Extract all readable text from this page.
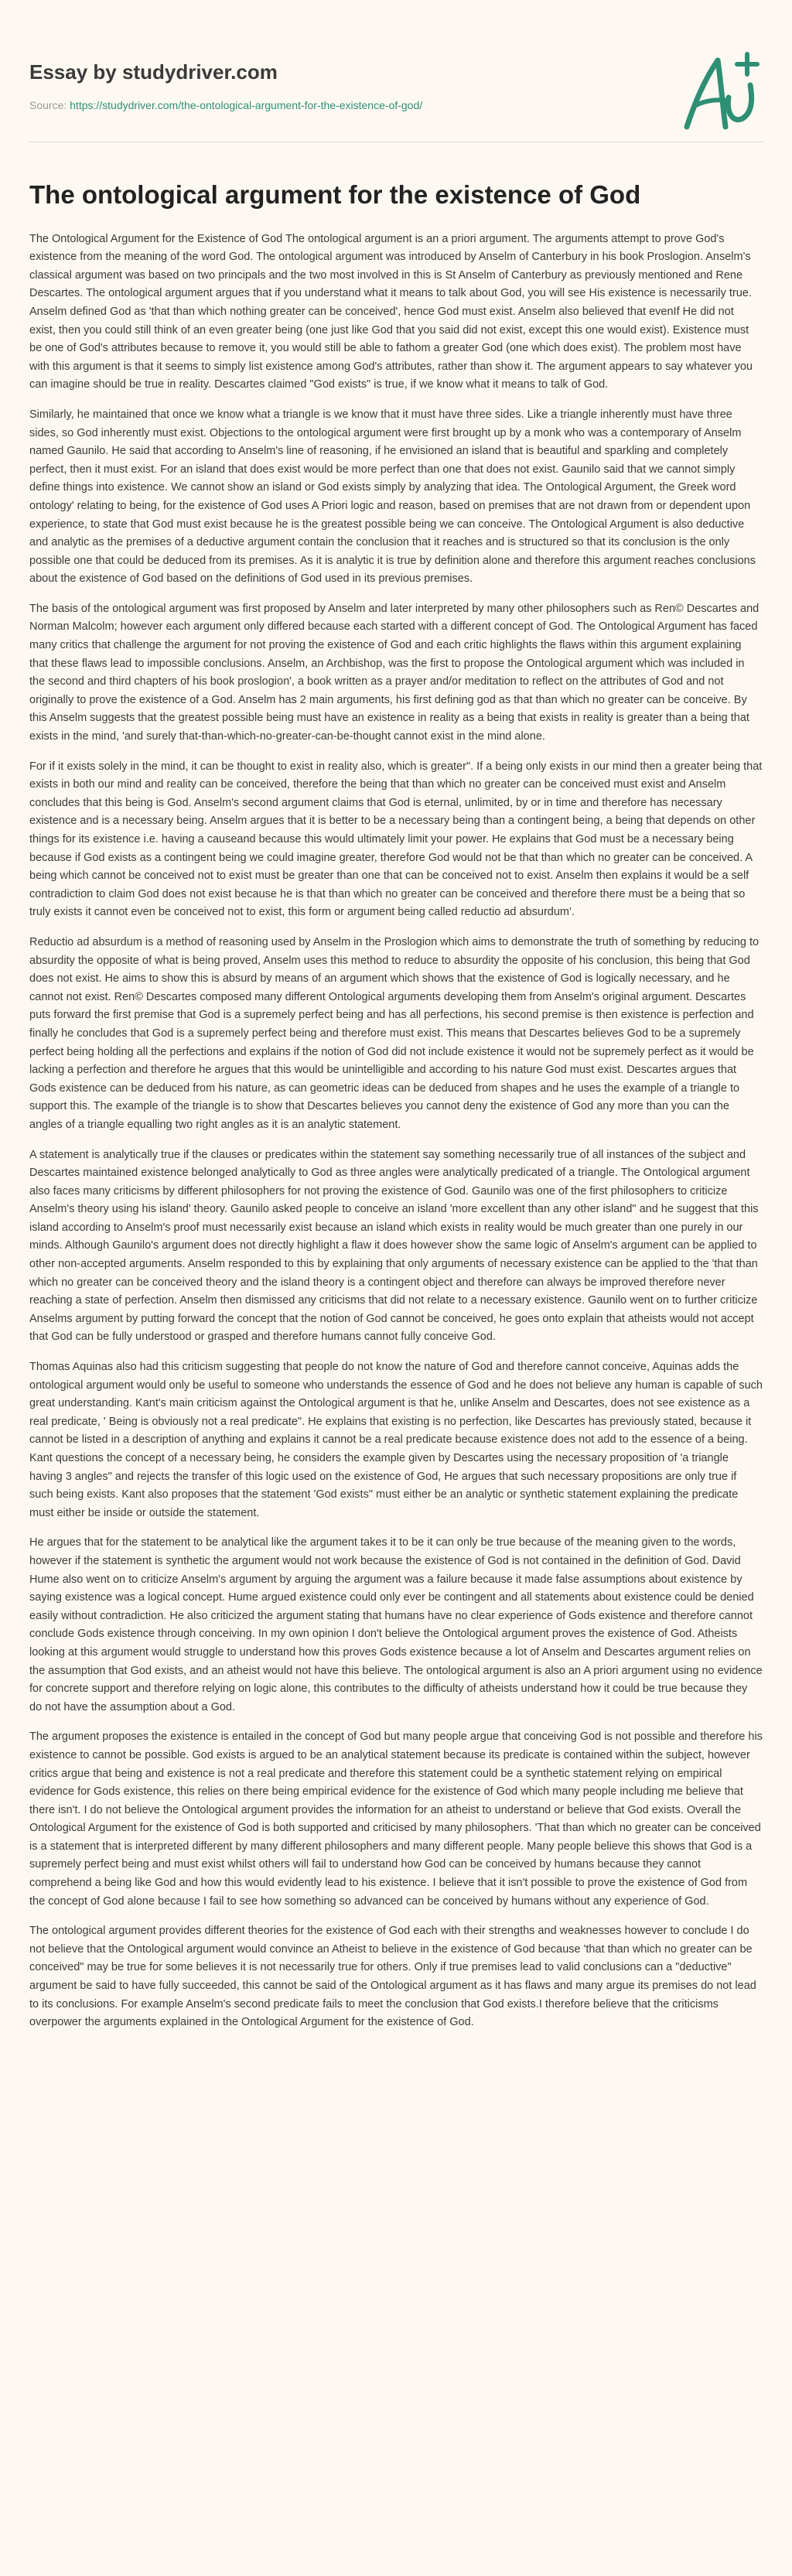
Essay by studydriver.com
Source: https://studydriver.com/the-ontological-argument-for-the-existence-of-god/
The ontological argument for the existence of God

The Ontological Argument for the Existence of God The ontological argument is an a priori argument. The arguments attempt to prove God's existence from the meaning of the word God. The ontological argument was introduced by Anselm of Canterbury in his book Proslogion. Anselm's classical argument was based on two principals and the two most involved in this is St Anselm of Canterbury as previously mentioned and Rene Descartes. The ontological argument argues that if you understand what it means to talk about God, you will see His existence is necessarily true. Anselm defined God as 'that than which nothing greater can be conceived', hence God must exist. Anselm also believed that evenIf He did not exist, then you could still think of an even greater being (one just like God that you said did not exist, except this one would exist). Existence must be one of God's attributes because to remove it, you would still be able to fathom a greater God (one which does exist). The problem most have with this argument is that it seems to simply list existence among God's attributes, rather than show it. The argument appears to say whatever you can imagine should be true in reality. Descartes claimed "God exists" is true, if we know what it means to talk of God.

Similarly, he maintained that once we know what a triangle is we know that it must have three sides. Like a triangle inherently must have three sides, so God inherently must exist. Objections to the ontological argument were first brought up by a monk who was a contemporary of Anselm named Gaunilo. He said that according to Anselm's line of reasoning, if he envisioned an island that is beautiful and sparkling and completely perfect, then it must exist. For an island that does exist would be more perfect than one that does not exist. Gaunilo said that we cannot simply define things into existence. We cannot show an island or God exists simply by analyzing that idea. The Ontological Argument, the Greek word ontology' relating to being, for the existence of God uses A Priori logic and reason, based on premises that are not drawn from or dependent upon experience, to state that God must exist because he is the greatest possible being we can conceive. The Ontological Argument is also deductive and analytic as the premises of a deductive argument contain the conclusion that it reaches and is structured so that its conclusion is the only possible one that could be deduced from its premises. As it is analytic it is true by definition alone and therefore this argument reaches conclusions about the existence of God based on the definitions of God used in its previous premises.

The basis of the ontological argument was first proposed by Anselm and later interpreted by many other philosophers such as Ren© Descartes and Norman Malcolm; however each argument only differed because each started with a different concept of God. The Ontological Argument has faced many critics that challenge the argument for not proving the existence of God and each critic highlights the flaws within this argument explaining that these flaws lead to impossible conclusions. Anselm, an Archbishop, was the first to propose the Ontological argument which was included in the second and third chapters of his book proslogion', a book written as a prayer and/or meditation to reflect on the attributes of God and not originally to prove the existence of a God. Anselm has 2 main arguments, his first defining god as that than which no greater can be conceive. By this Anselm suggests that the greatest possible being must have an existence in reality as a being that exists in reality is greater than a being that exists in the mind, 'and surely that-than-which-no-greater-can-be-thought cannot exist in the mind alone.

For if it exists solely in the mind, it can be thought to exist in reality also, which is greater". If a being only exists in our mind then a greater being that exists in both our mind and reality can be conceived, therefore the being that than which no greater can be conceived must exist and Anselm concludes that this being is God. Anselm's second argument claims that God is eternal, unlimited, by or in time and therefore has necessary existence and is a necessary being. Anselm argues that it is better to be a necessary being than a contingent being, a being that depends on other things for its existence i.e. having a causeand because this would ultimately limit your power. He explains that God must be a necessary being because if God exists as a contingent being we could imagine greater, therefore God would not be that than which no greater can be conceived. A being which cannot be conceived not to exist must be greater than one that can be conceived not to exist. Anselm then explains it would be a self contradiction to claim God does not exist because he is that than which no greater can be conceived and therefore there must be a being that so truly exists it cannot even be conceived not to exist, this form or argument being called reductio ad absurdum'.

Reductio ad absurdum is a method of reasoning used by Anselm in the Proslogion which aims to demonstrate the truth of something by reducing to absurdity the opposite of what is being proved, Anselm uses this method to reduce to absurdity the opposite of his conclusion, this being that God does not exist. He aims to show this is absurd by means of an argument which shows that the existence of God is logically necessary, and he cannot not exist. Ren© Descartes composed many different Ontological arguments developing them from Anselm's original argument. Descartes puts forward the first premise that God is a supremely perfect being and has all perfections, his second premise is then existence is perfection and finally he concludes that God is a supremely perfect being and therefore must exist. This means that Descartes believes God to be a supremely perfect being holding all the perfections and explains if the notion of God did not include existence it would not be supremely perfect as it would be lacking a perfection and therefore he argues that this would be unintelligible and according to his nature God must exist. Descartes argues that Gods existence can be deduced from his nature, as can geometric ideas can be deduced from shapes and he uses the example of a triangle to support this. The example of the triangle is to show that Descartes believes you cannot deny the existence of God any more than you can the angles of a triangle equalling two right angles as it is an analytic statement.

A statement is analytically true if the clauses or predicates within the statement say something necessarily true of all instances of the subject and Descartes maintained existence belonged analytically to God as three angles were analytically predicated of a triangle. The Ontological argument also faces many criticisms by different philosophers for not proving the existence of God. Gaunilo was one of the first philosophers to criticize Anselm's theory using his island' theory. Gaunilo asked people to conceive an island 'more excellent than any other island" and he suggest that this island according to Anselm's proof must necessarily exist because an island which exists in reality would be much greater than one purely in our minds. Although Gaunilo's argument does not directly highlight a flaw it does however show the same logic of Anselm's argument can be applied to other non-accepted arguments. Anselm responded to this by explaining that only arguments of necessary existence can be applied to the 'that than which no greater can be conceived theory and the island theory is a contingent object and therefore can always be improved therefore never reaching a state of perfection. Anselm then dismissed any criticisms that did not relate to a necessary existence. Gaunilo went on to further criticize Anselms argument by putting forward the concept that the notion of God cannot be conceived, he goes onto explain that atheists would not accept that God can be fully understood or grasped and therefore humans cannot fully conceive God.

Thomas Aquinas also had this criticism suggesting that people do not know the nature of God and therefore cannot conceive, Aquinas adds the ontological argument would only be useful to someone who understands the essence of God and he does not believe any human is capable of such great understanding. Kant's main criticism against the Ontological argument is that he, unlike Anselm and Descartes, does not see existence as a real predicate, ' Being is obviously not a real predicate". He explains that existing is no perfection, like Descartes has previously stated, because it cannot be listed in a description of anything and explains it cannot be a real predicate because existence does not add to the essence of a being. Kant questions the concept of a necessary being, he considers the example given by Descartes using the necessary proposition of 'a triangle having 3 angles" and rejects the transfer of this logic used on the existence of God, He argues that such necessary propositions are only true if such being exists. Kant also proposes that the statement 'God exists" must either be an analytic or synthetic statement explaining the predicate must either be inside or outside the statement.

He argues that for the statement to be analytical like the argument takes it to be it can only be true because of the meaning given to the words, however if the statement is synthetic the argument would not work because the existence of God is not contained in the definition of God. David Hume also went on to criticize Anselm's argument by arguing the argument was a failure because it made false assumptions about existence by saying existence was a logical concept. Hume argued existence could only ever be contingent and all statements about existence could be denied easily without contradiction. He also criticized the argument stating that humans have no clear experience of Gods existence and therefore cannot conclude Gods existence through conceiving. In my own opinion I don't believe the Ontological argument proves the existence of God. Atheists looking at this argument would struggle to understand how this proves Gods existence because a lot of Anselm and Descartes argument relies on the assumption that God exists, and an atheist would not have this believe. The ontological argument is also an A priori argument using no evidence for concrete support and therefore relying on logic alone, this contributes to the difficulty of atheists understand how it could be true because they do not have the assumption about a God.

The argument proposes the existence is entailed in the concept of God but many people argue that conceiving God is not possible and therefore his existence to cannot be possible. God exists is argued to be an analytical statement because its predicate is contained within the subject, however critics argue that being and existence is not a real predicate and therefore this statement could be a synthetic statement relying on empirical evidence for Gods existence, this relies on there being empirical evidence for the existence of God which many people including me believe that there isn't. I do not believe the Ontological argument provides the information for an atheist to understand or believe that God exists. Overall the Ontological Argument for the existence of God is both supported and criticised by many philosophers. 'That than which no greater can be conceived is a statement that is interpreted different by many different philosophers and many different people. Many people believe this shows that God is a supremely perfect being and must exist whilst others will fail to understand how God can be conceived by humans because they cannot comprehend a being like God and how this would evidently lead to his existence. I believe that it isn't possible to prove the existence of God from the concept of God alone because I fail to see how something so advanced can be conceived by humans without any experience of God.

The ontological argument provides different theories for the existence of God each with their strengths and weaknesses however to conclude I do not believe that the Ontological argument would convince an Atheist to believe in the existence of God because 'that than which no greater can be conceived" may be true for some believes it is not necessarily true for others. Only if true premises lead to valid conclusions can a "deductive" argument be said to have fully succeeded, this cannot be said of the Ontological argument as it has flaws and many argue its premises do not lead to its conclusions. For example Anselm's second predicate fails to meet the conclusion that God exists.I therefore believe that the criticisms overpower the arguments explained in the Ontological Argument for the existence of God.
